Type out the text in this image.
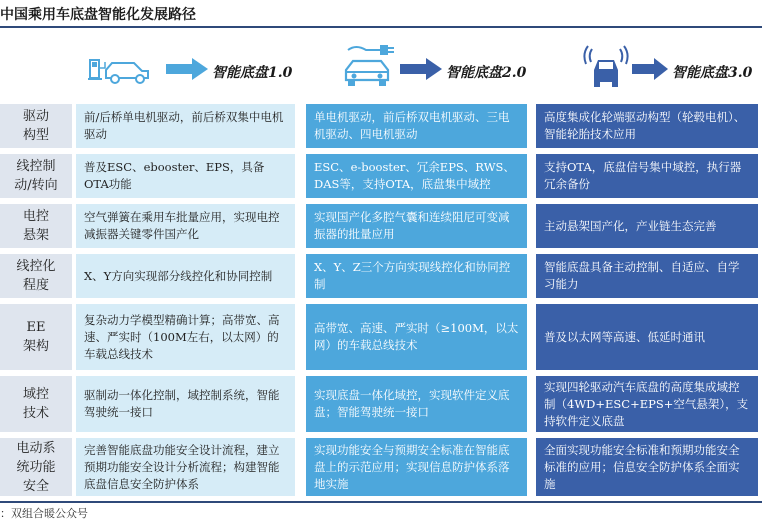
中国乘用车底盘智能化发展路径
智能底盘1.0	智能底盘2.0	智能底盘3.0
驱动
构型
前/后桥单电机驱动，前后桥双集中电机驱动
单电机驱动，前后桥双电机驱动、三电机驱动、四电机驱动
高度集成化轮端驱动构型（轮毂电机）、智能轮胎技术应用
线控制
动/转向
普及ESC、ebooster、EPS，具备OTA功能
ESC、e-booster、冗余EPS、RWS、DAS等，支持OTA，底盘集中域控
支持OTA，底盘信号集中域控，执行器冗余备份
电控
悬架
空气弹簧在乘用车批量应用，实现电控减振器关键零件国产化
实现国产化多腔气囊和连续阻尼可变减振器的批量应用
主动悬架国产化，产业链生态完善
线控化
程度
X、Y方向实现部分线控化和协同控制
X、Y、Z三个方向实现线控化和协同控制
智能底盘具备主动控制、自适应、自学习能力
EE
架构
复杂动力学模型精确计算；高带宽、高速、严实时（100M左右，以太网）的车载总线技术
高带宽、高速、严实时（≥100M，以太网）的车载总线技术
普及以太网等高速、低延时通讯
域控
技术
驱制动一体化控制，域控制系统，智能驾驶统一接口
实现底盘一体化域控，实现软件定义底盘；智能驾驶统一接口
实现四轮驱动汽车底盘的高度集成域控制（4WD+ESC+EPS+空气悬架），支持软件定义底盘
电动系
统功能
安全
完善智能底盘功能安全设计流程，建立预期功能安全设计分析流程；构建智能底盘信息安全防护体系
实现功能安全与预期安全标准在智能底盘上的示范应用；实现信息防护体系落地实施
全面实现功能安全标准和预期功能安全标准的应用；信息安全防护体系全面实施
：双组合暖公众号
